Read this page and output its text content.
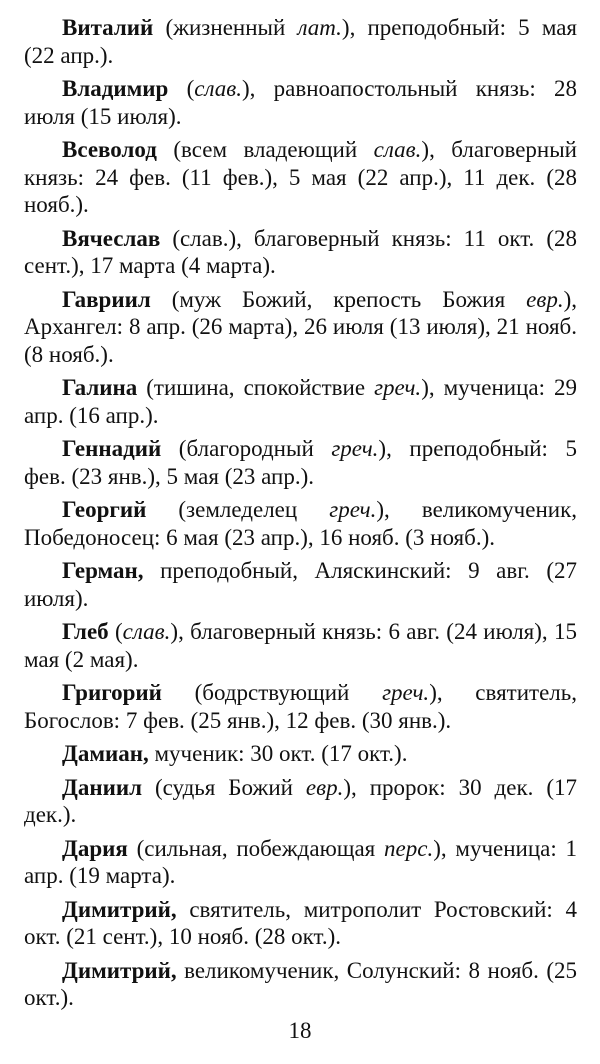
Виталий (жизненный лат.), преподобный: 5 мая (22 апр.).

Владимир (слав.), равноапостольный князь: 28 июля (15 июля).

Всеволод (всем владеющий слав.), благоверный князь: 24 фев. (11 фев.), 5 мая (22 апр.), 11 дек. (28 нояб.).

Вячеслав (слав.), благоверный князь: 11 окт. (28 сент.), 17 марта (4 марта).

Гавриил (муж Божий, крепость Божия евр.), Архангел: 8 апр. (26 марта), 26 июля (13 июля), 21 нояб. (8 нояб.).

Галина (тишина, спокойствие греч.), мученица: 29 апр. (16 апр.).

Геннадий (благородный греч.), преподобный: 5 фев. (23 янв.), 5 мая (23 апр.).

Георгий (земледелец греч.), великомученик, Победоносец: 6 мая (23 апр.), 16 нояб. (3 нояб.).

Герман, преподобный, Аляскинский: 9 авг. (27 июля).

Глеб (слав.), благоверный князь: 6 авг. (24 июля), 15 мая (2 мая).

Григорий (бодрствующий греч.), святитель, Богослов: 7 фев. (25 янв.), 12 фев. (30 янв.).

Дамиан, мученик: 30 окт. (17 окт.).

Даниил (судья Божий евр.), пророк: 30 дек. (17 дек.).

Дария (сильная, побеждающая перс.), мученица: 1 апр. (19 марта).

Димитрий, святитель, митрополит Ростовский: 4 окт. (21 сент.), 10 нояб. (28 окт.).

Димитрий, великомученик, Солунский: 8 нояб. (25 окт.).

18
